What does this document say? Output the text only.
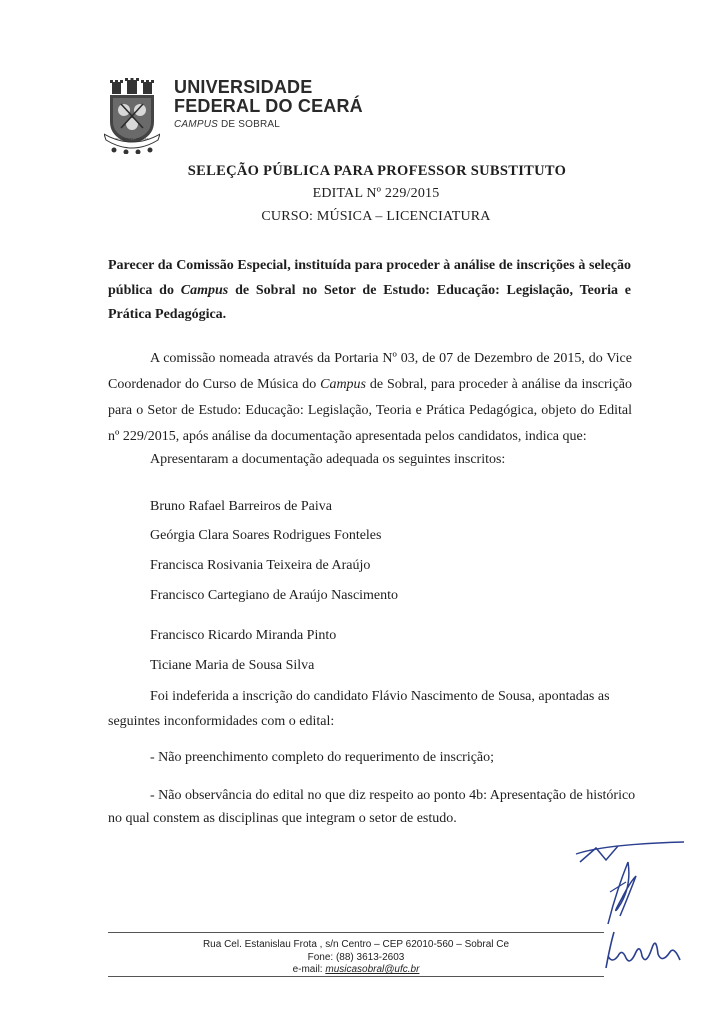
IN VERITATE LIBERTAS
UNIVERSIDADE
FEDERAL DO CEARÁ
CAMPUS DE SOBRAL
SELEÇÃO PÚBLICA PARA PROFESSOR SUBSTITUTO
EDITAL Nº 229/2015
CURSO: MÚSICA – LICENCIATURA
Parecer da Comissão Especial, instituída para proceder à análise de inscrições à seleção pública do Campus de Sobral no Setor de Estudo: Educação: Legislação, Teoria e Prática Pedagógica.
A comissão nomeada através da Portaria Nº 03, de 07 de Dezembro de 2015, do Vice Coordenador do Curso de Música do Campus de Sobral, para proceder à análise da inscrição para o Setor de Estudo: Educação: Legislação, Teoria e Prática Pedagógica, objeto do Edital nº 229/2015, após análise da documentação apresentada pelos candidatos, indica que:
Apresentaram a documentação adequada os seguintes inscritos:
Bruno Rafael Barreiros de Paiva
Geórgia Clara Soares Rodrigues Fonteles
Francisca Rosivania Teixeira de Araújo
Francisco Cartegiano de Araújo Nascimento
Francisco Ricardo Miranda Pinto
Ticiane Maria de Sousa Silva
Foi indeferida a inscrição do candidato Flávio Nascimento de Sousa, apontadas as
seguintes inconformidades com o edital:
- Não preenchimento completo do requerimento de inscrição;
- Não observância do edital no que diz respeito ao ponto 4b: Apresentação de histórico
no qual constem as disciplinas que integram o setor de estudo.
Rua Cel. Estanislau Frota , s/n Centro – CEP 62010-560 – Sobral Ce
Fone: (88) 3613-2603
e-mail: musicasobral@ufc.br
